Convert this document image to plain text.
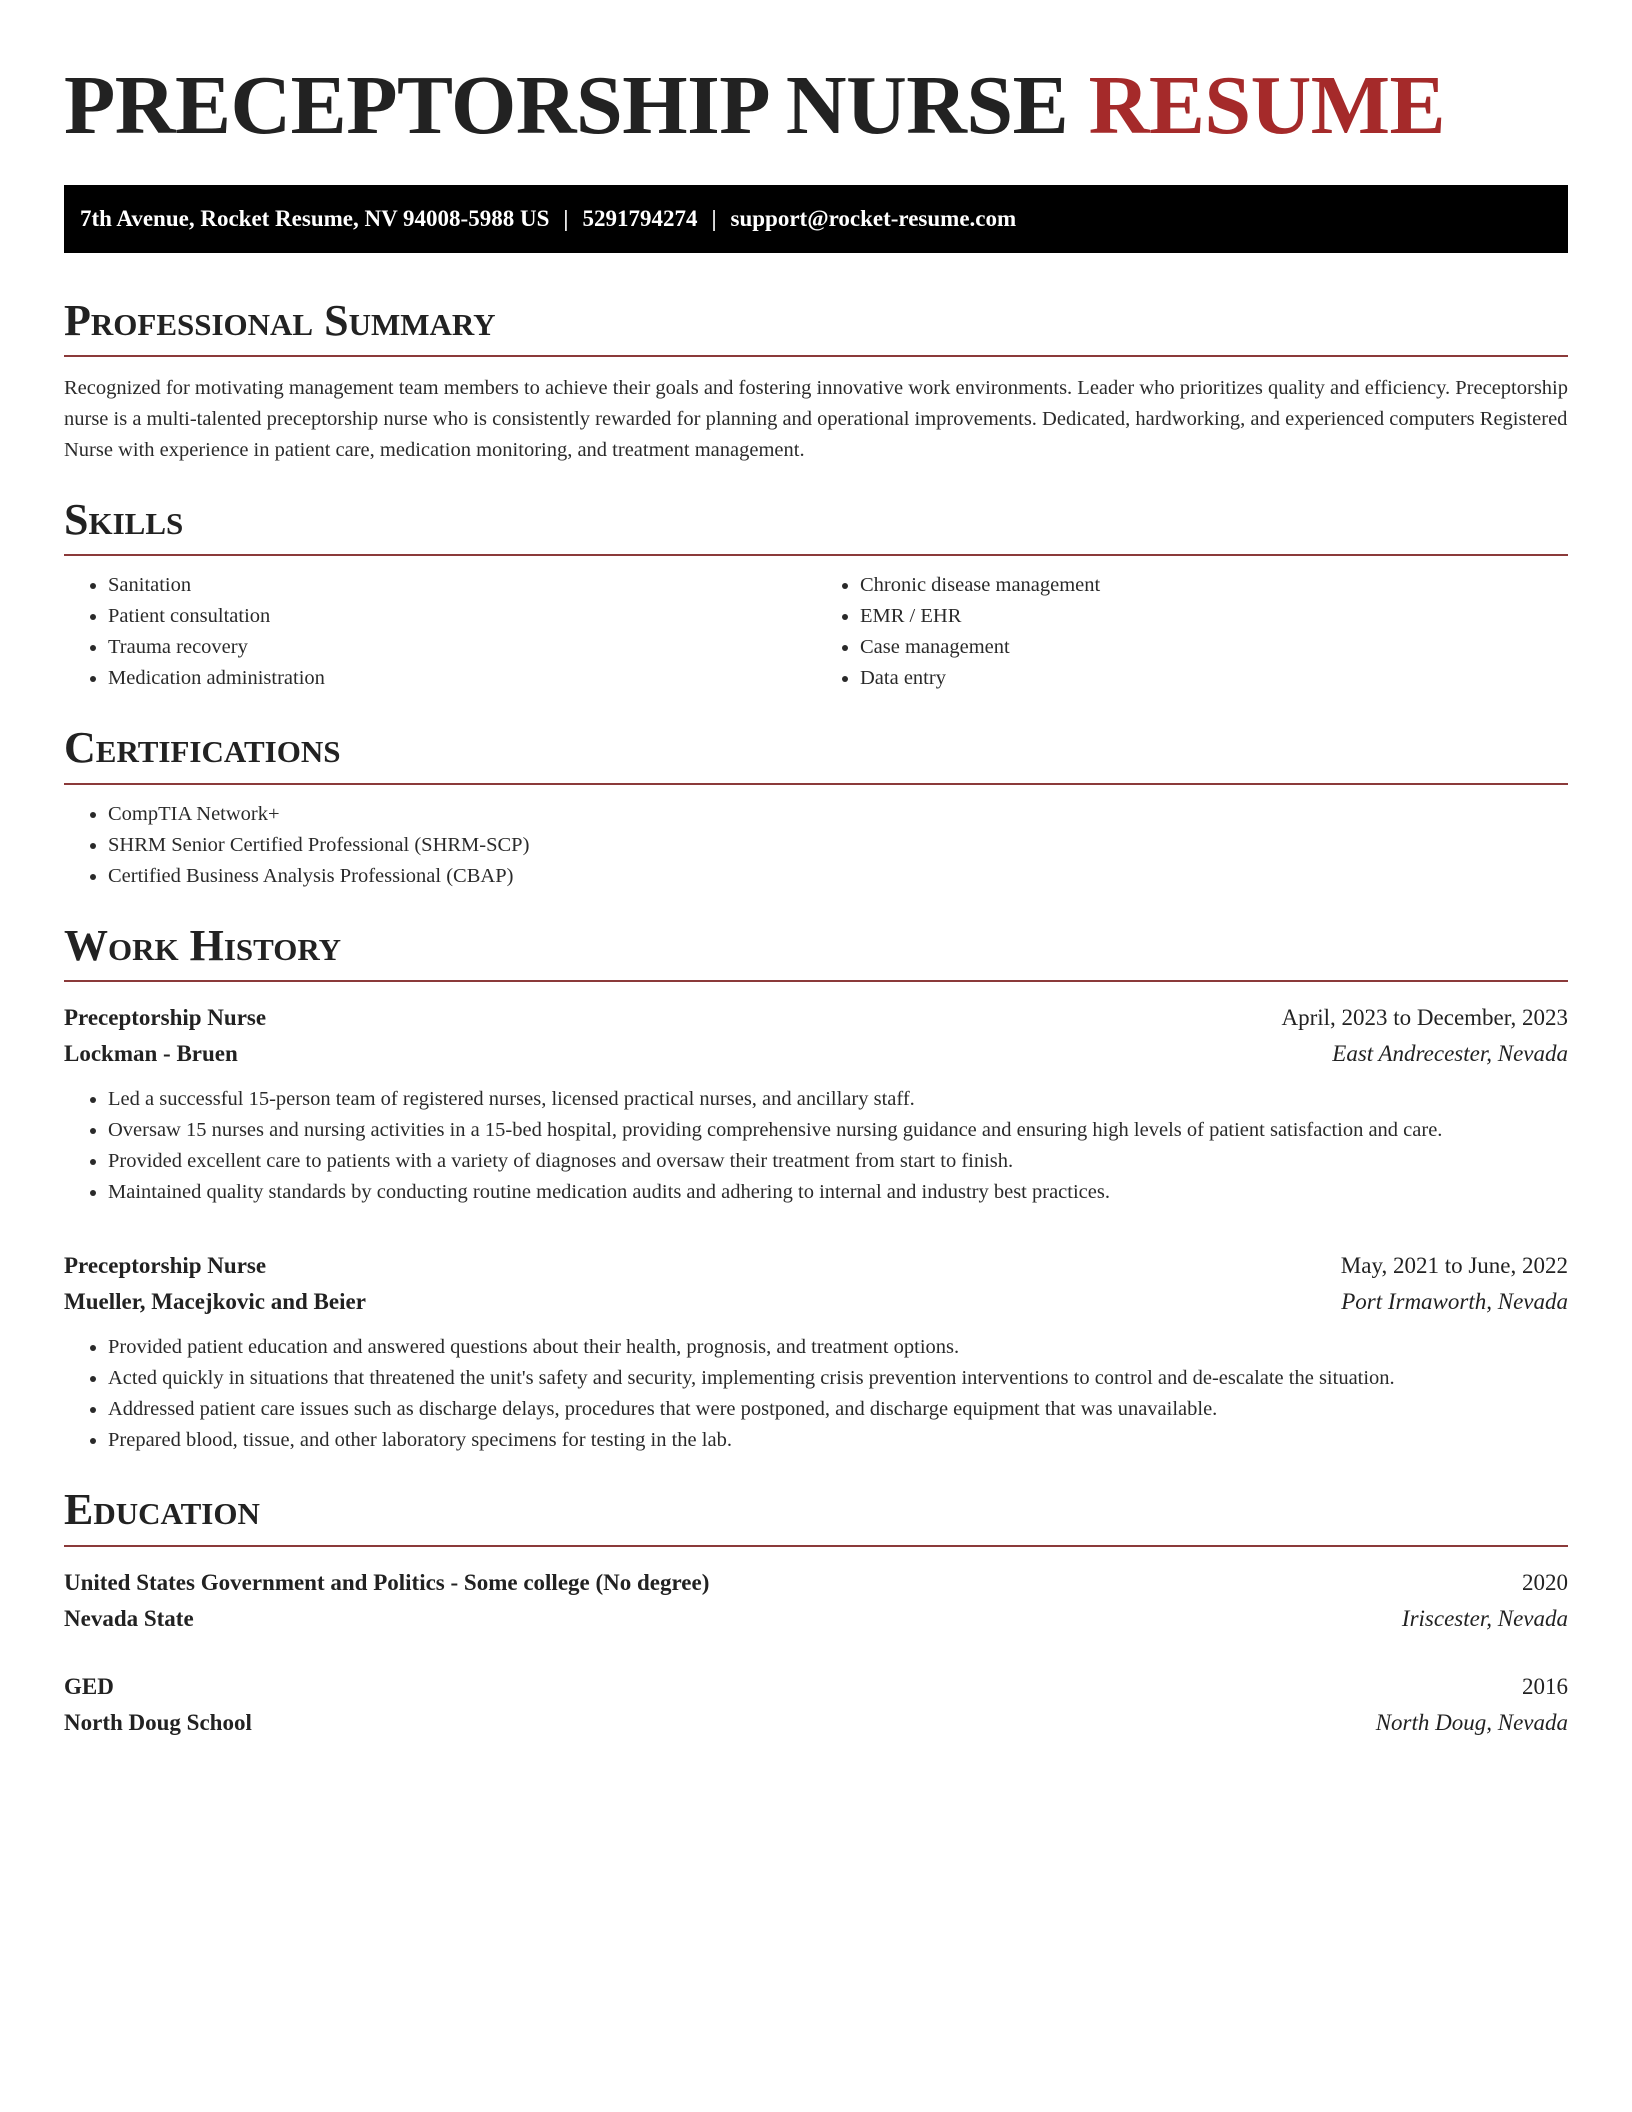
PRECEPTORSHIP NURSE RESUME
7th Avenue, Rocket Resume, NV 94008-5988 US | 5291794274 | support@rocket-resume.com
Professional Summary

Recognized for motivating management team members to achieve their goals and fostering innovative work environments. Leader who prioritizes quality and efficiency. Preceptorship nurse is a multi-talented preceptorship nurse who is consistently rewarded for planning and operational improvements. Dedicated, hardworking, and experienced computers Registered Nurse with experience in patient care, medication monitoring, and treatment management.

Skills
• Sanitation
• Patient consultation
• Trauma recovery
• Medication administration
• Chronic disease management
• EMR / EHR
• Case management
• Data entry
Certifications
• CompTIA Network+
• SHRM Senior Certified Professional (SHRM-SCP)
• Certified Business Analysis Professional (CBAP)
Work History
Preceptorship Nurse	April, 2023 to December, 2023
Lockman - Bruen	East Andrecester, Nevada
• Led a successful 15-person team of registered nurses, licensed practical nurses, and ancillary staff.
• Oversaw 15 nurses and nursing activities in a 15-bed hospital, providing comprehensive nursing guidance and ensuring high levels of patient satisfaction and care.
• Provided excellent care to patients with a variety of diagnoses and oversaw their treatment from start to finish.
• Maintained quality standards by conducting routine medication audits and adhering to internal and industry best practices.
Preceptorship Nurse	May, 2021 to June, 2022
Mueller, Macejkovic and Beier	Port Irmaworth, Nevada
• Provided patient education and answered questions about their health, prognosis, and treatment options.
• Acted quickly in situations that threatened the unit's safety and security, implementing crisis prevention interventions to control and de-escalate the situation.
• Addressed patient care issues such as discharge delays, procedures that were postponed, and discharge equipment that was unavailable.
• Prepared blood, tissue, and other laboratory specimens for testing in the lab.
Education
United States Government and Politics - Some college (No degree)	2020
Nevada State	Iriscester, Nevada
GED	2016
North Doug School	North Doug, Nevada
